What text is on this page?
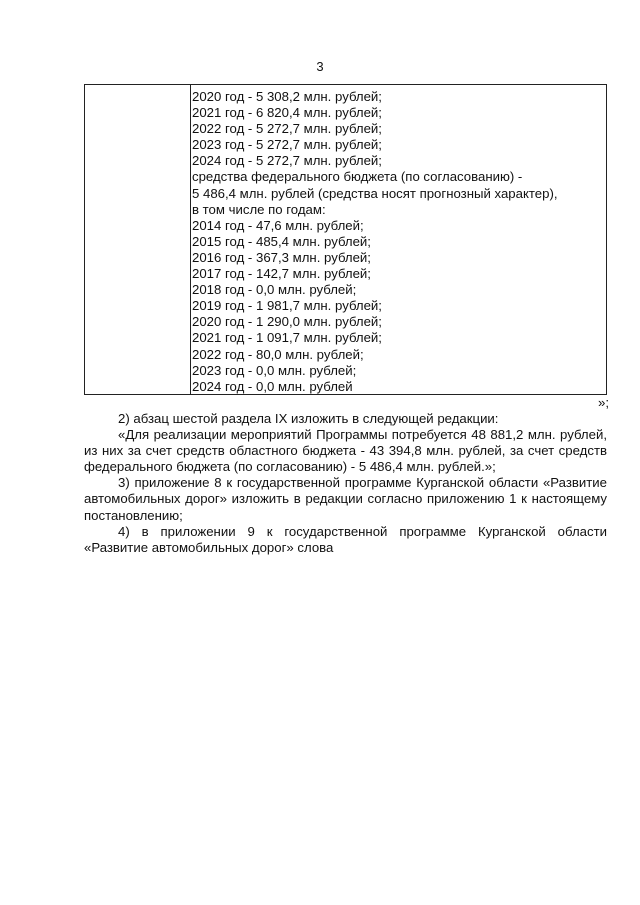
3
2020 год - 5 308,2 млн. рублей;
2021 год - 6 820,4 млн. рублей;
2022 год - 5 272,7 млн. рублей;
2023 год - 5 272,7 млн. рублей;
2024 год - 5 272,7 млн. рублей;
средства федерального бюджета (по согласованию) -
5 486,4 млн. рублей (средства носят прогнозный характер),
в том числе по годам:
2014 год - 47,6 млн. рублей;
2015 год - 485,4 млн. рублей;
2016 год - 367,3 млн. рублей;
2017 год - 142,7 млн. рублей;
2018 год - 0,0 млн. рублей;
2019 год - 1 981,7 млн. рублей;
2020 год - 1 290,0 млн. рублей;
2021 год - 1 091,7 млн. рублей;
2022 год - 80,0 млн. рублей;
2023 год - 0,0 млн. рублей;
2024 год - 0,0 млн. рублей
»;
2) абзац шестой раздела IX изложить в следующей редакции:
«Для реализации мероприятий Программы потребуется 48 881,2 млн. рублей, из них за счет средств областного бюджета - 43 394,8 млн. рублей, за счет средств федерального бюджета (по согласованию) - 5 486,4 млн. рублей.»;
3) приложение 8 к государственной программе Курганской области «Развитие автомобильных дорог» изложить в редакции согласно приложению 1 к настоящему постановлению;
4) в приложении 9 к государственной программе Курганской области «Развитие автомобильных дорог» слова
